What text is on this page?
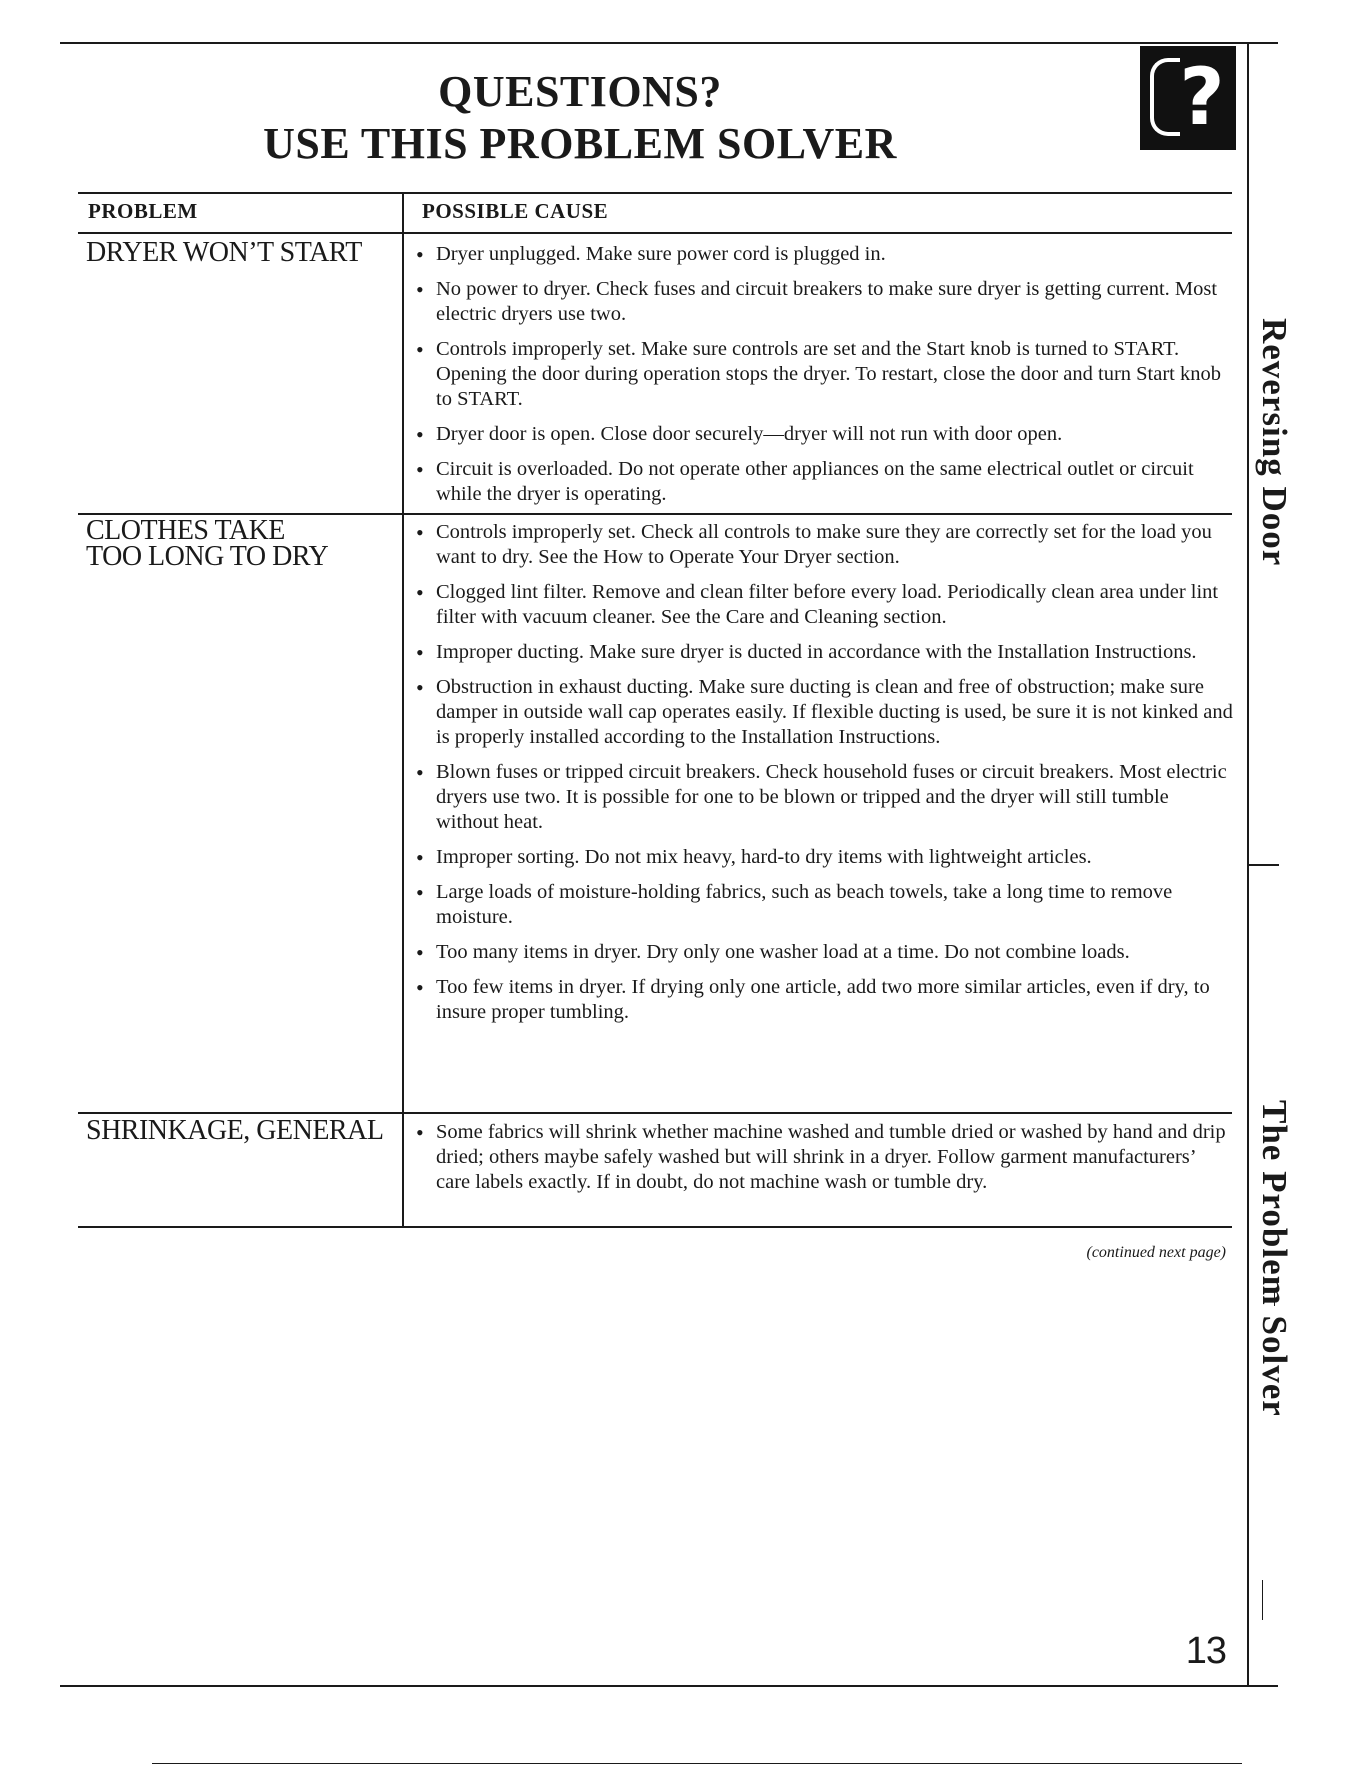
QUESTIONS?
USE THIS PROBLEM SOLVER
?
PROBLEM	POSSIBLE CAUSE
DRYER WON’T START	• Dryer unplugged. Make sure power cord is plugged in.
• No power to dryer. Check fuses and circuit breakers to make sure dryer is getting current. Most electric dryers use two.
• Controls improperly set. Make sure controls are set and the Start knob is turned to START. Opening the door during operation stops the dryer. To restart, close the door and turn Start knob to START.
• Dryer door is open. Close door securely—dryer will not run with door open.
• Circuit is overloaded. Do not operate other appliances on the same electrical outlet or circuit while the dryer is operating.
CLOTHES TAKE TOO LONG TO DRY
• Controls improperly set. Check all controls to make sure they are correctly set for the load you want to dry. See the How to Operate Your Dryer section.
• Clogged lint filter. Remove and clean filter before every load. Periodically clean area under lint filter with vacuum cleaner. See the Care and Cleaning section.
• Improper ducting. Make sure dryer is ducted in accordance with the Installation Instructions.
• Obstruction in exhaust ducting. Make sure ducting is clean and free of obstruction; make sure damper in outside wall cap operates easily. If flexible ducting is used, be sure it is not kinked and is properly installed according to the Installation Instructions.
• Blown fuses or tripped circuit breakers. Check household fuses or circuit breakers. Most electric dryers use two. It is possible for one to be blown or tripped and the dryer will still tumble without heat.
• Improper sorting. Do not mix heavy, hard-to dry items with lightweight articles.
• Large loads of moisture-holding fabrics, such as beach towels, take a long time to remove moisture.
• Too many items in dryer. Dry only one washer load at a time. Do not combine loads.
• Too few items in dryer. If drying only one article, add two more similar articles, even if dry, to insure proper tumbling.
SHRINKAGE, GENERAL	• Some fabrics will shrink whether machine washed and tumble dried or washed by hand and drip dried; others maybe safely washed but will shrink in a dryer. Follow garment manufacturers’ care labels exactly. If in doubt, do not machine wash or tumble dry.
(continued next page)
Reversing Door
The Problem Solver
13
